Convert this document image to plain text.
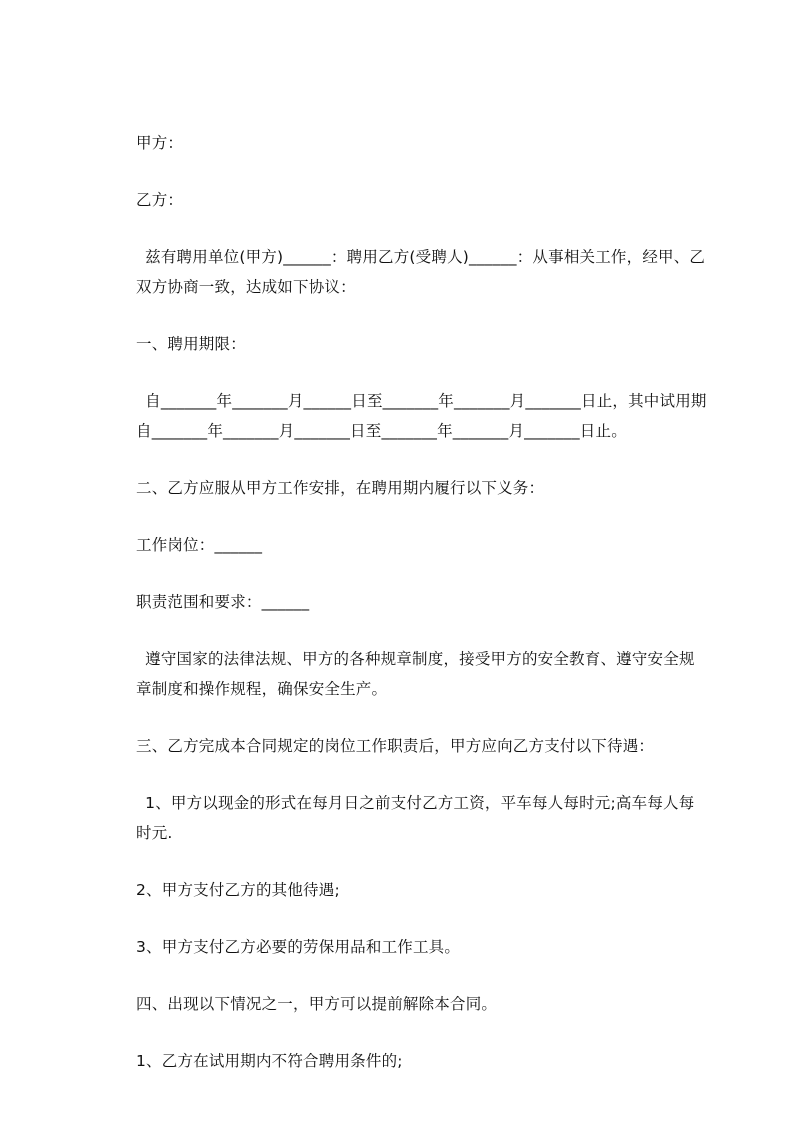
甲方：

乙方：

兹有聘用单位(甲方)______：聘用乙方(受聘人)______：从事相关工作，经甲、乙双方协商一致，达成如下协议：

一、聘用期限：

自_______年_______月______日至_______年_______月_______日止，其中试用期自_______年_______月_______日至_______年_______月_______日止。

二、乙方应服从甲方工作安排，在聘用期内履行以下义务：

工作岗位：______

职责范围和要求：______

遵守国家的法律法规、甲方的各种规章制度，接受甲方的安全教育、遵守安全规章制度和操作规程，确保安全生产。

三、乙方完成本合同规定的岗位工作职责后，甲方应向乙方支付以下待遇：

1、甲方以现金的形式在每月日之前支付乙方工资，平车每人每时元;高车每人每时元.

2、甲方支付乙方的其他待遇;

3、甲方支付乙方必要的劳保用品和工作工具。

四、出现以下情况之一，甲方可以提前解除本合同。

1、乙方在试用期内不符合聘用条件的;
